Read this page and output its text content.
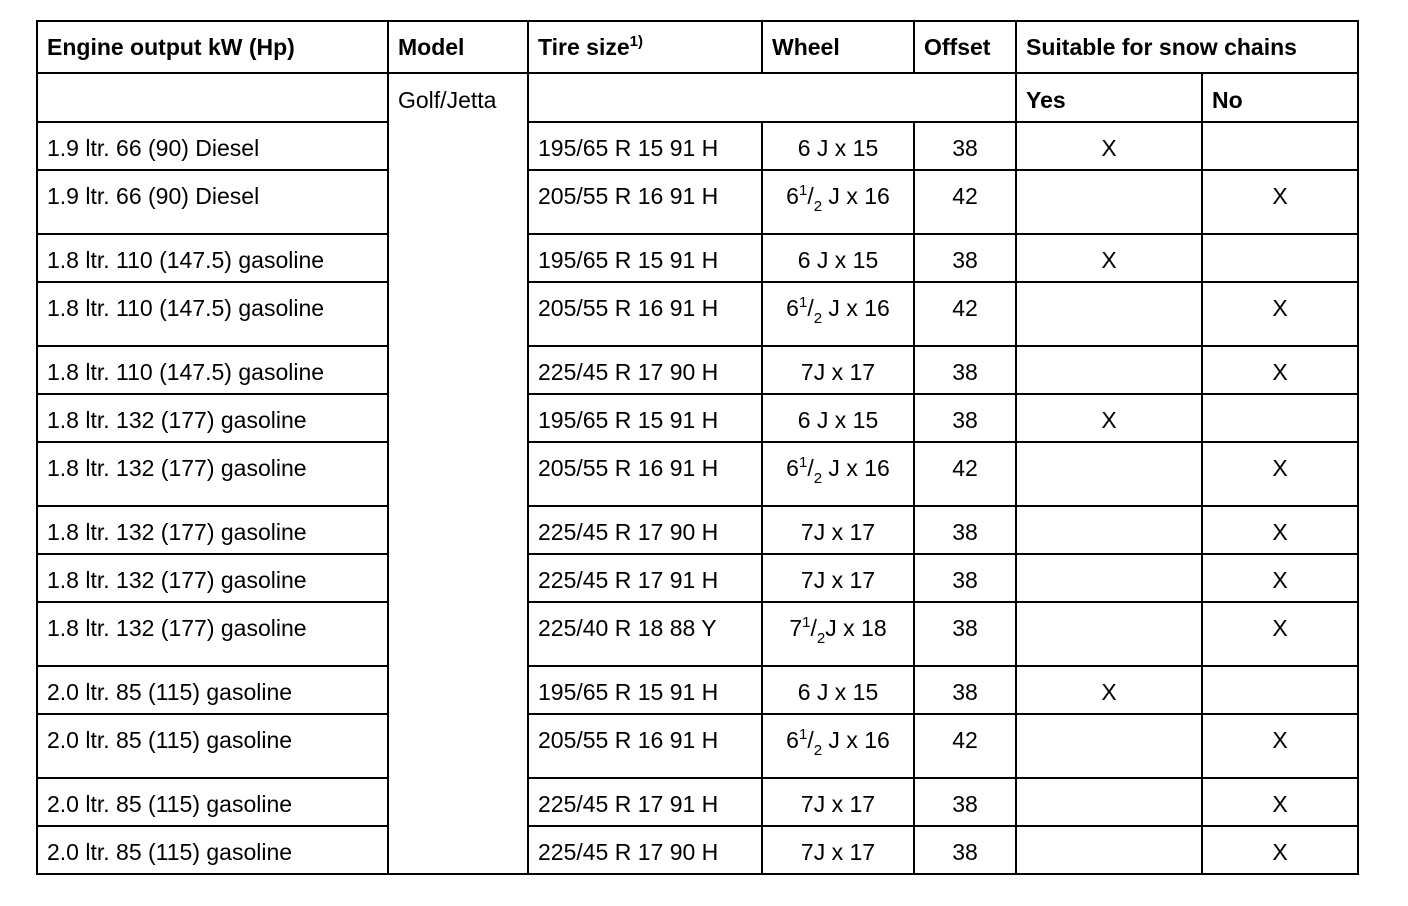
Engine output kW (Hp)	Model	Tire size$^{1)}$	Wheel	Offset	Suitable for snow chains	
	Golf/Jetta				Yes	No
1.9 ltr. 66 (90) Diesel		195/65 R 15 91 H	6 J x 15	38	X	
1.9 ltr. 66 (90) Diesel		205/55 R 16 91 H	$6^1/_2$ J x 16	42		X
1.8 ltr. 110 (147.5) gasoline		195/65 R 15 91 H	6 J x 15	38	X	
1.8 ltr. 110 (147.5) gasoline		205/55 R 16 91 H	$6^1/_2$ J x 16	42		X
1.8 ltr. 110 (147.5) gasoline		225/45 R 17 90 H	7J x 17	38		X
1.8 ltr. 132 (177) gasoline		195/65 R 15 91 H	6 J x 15	38	X	
1.8 ltr. 132 (177) gasoline		205/55 R 16 91 H	$6^1/_2$ J x 16	42		X
1.8 ltr. 132 (177) gasoline		225/45 R 17 90 H	7J x 17	38		X
1.8 ltr. 132 (177) gasoline		225/45 R 17 91 H	7J x 17	38		X
1.8 ltr. 132 (177) gasoline		225/40 R 18 88 Y	$7^1/_2J$ x 18	38		X
2.0 ltr. 85 (115) gasoline		195/65 R 15 91 H	6 J x 15	38	X	
2.0 ltr. 85 (115) gasoline		205/55 R 16 91 H	$6^1/_2$ J x 16	42		X
2.0 ltr. 85 (115) gasoline		225/45 R 17 91 H	7J x 17	38		X
2.0 ltr. 85 (115) gasoline		225/45 R 17 90 H	7J x 17	38		X
